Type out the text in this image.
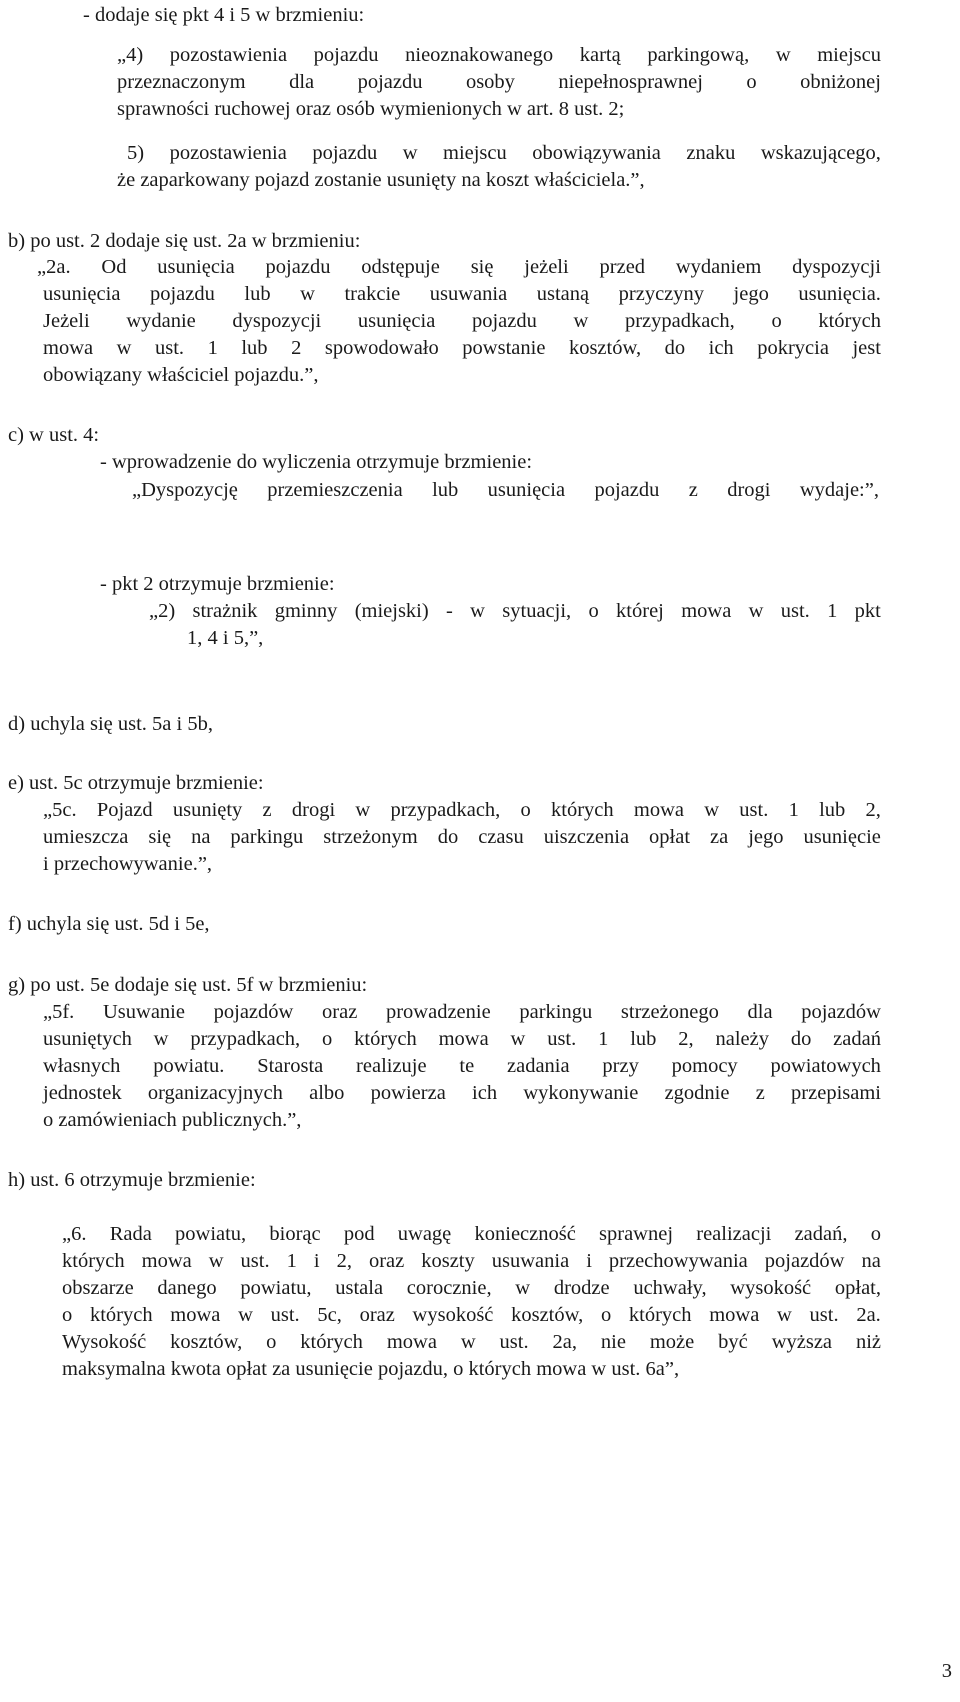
- dodaje się pkt 4 i 5 w brzmieniu:
„4) pozostawienia pojazdu nieoznakowanego kartą parkingową, w miejscu
przeznaczonym dla pojazdu osoby niepełnosprawnej o obniżonej
sprawności ruchowej oraz osób wymienionych w art. 8 ust. 2;
5) pozostawienia pojazdu w miejscu obowiązywania znaku wskazującego,
że zaparkowany pojazd zostanie usunięty na koszt właściciela.”,
b) po ust. 2 dodaje się ust. 2a w brzmieniu:
„2a. Od usunięcia pojazdu odstępuje się jeżeli przed wydaniem dyspozycji
usunięcia pojazdu lub w trakcie usuwania ustaną przyczyny jego usunięcia.
Jeżeli wydanie dyspozycji usunięcia pojazdu w przypadkach, o których
mowa w ust. 1 lub 2 spowodowało powstanie kosztów, do ich pokrycia jest
obowiązany właściciel pojazdu.”,
c) w ust. 4:
- wprowadzenie do wyliczenia otrzymuje brzmienie:
„Dyspozycję przemieszczenia lub usunięcia pojazdu z drogi wydaje:”,
- pkt 2 otrzymuje brzmienie:
„2) strażnik gminny (miejski) - w sytuacji, o której mowa w ust. 1 pkt
1, 4 i 5,”,
d) uchyla się ust. 5a i 5b,
e) ust. 5c otrzymuje brzmienie:
„5c. Pojazd usunięty z drogi w przypadkach, o których mowa w ust. 1 lub 2,
umieszcza się na parkingu strzeżonym do czasu uiszczenia opłat za jego usunięcie
i przechowywanie.”,
f) uchyla się ust. 5d i 5e,
g) po ust. 5e dodaje się ust. 5f w brzmieniu:
„5f. Usuwanie pojazdów oraz prowadzenie parkingu strzeżonego dla pojazdów
usuniętych w przypadkach, o których mowa w ust. 1 lub 2, należy do zadań
własnych powiatu. Starosta realizuje te zadania przy pomocy powiatowych
jednostek organizacyjnych albo powierza ich wykonywanie zgodnie z przepisami
o zamówieniach publicznych.”,
h) ust. 6 otrzymuje brzmienie:
„6. Rada powiatu, biorąc pod uwagę konieczność sprawnej realizacji zadań, o
których mowa w ust. 1 i 2, oraz koszty usuwania i przechowywania pojazdów na
obszarze danego powiatu, ustala corocznie, w drodze uchwały, wysokość opłat,
o których mowa w ust. 5c, oraz wysokość kosztów, o których mowa w ust. 2a.
Wysokość kosztów, o których mowa w ust. 2a, nie może być wyższa niż
maksymalna kwota opłat za usunięcie pojazdu, o których mowa w ust. 6a”,
3
